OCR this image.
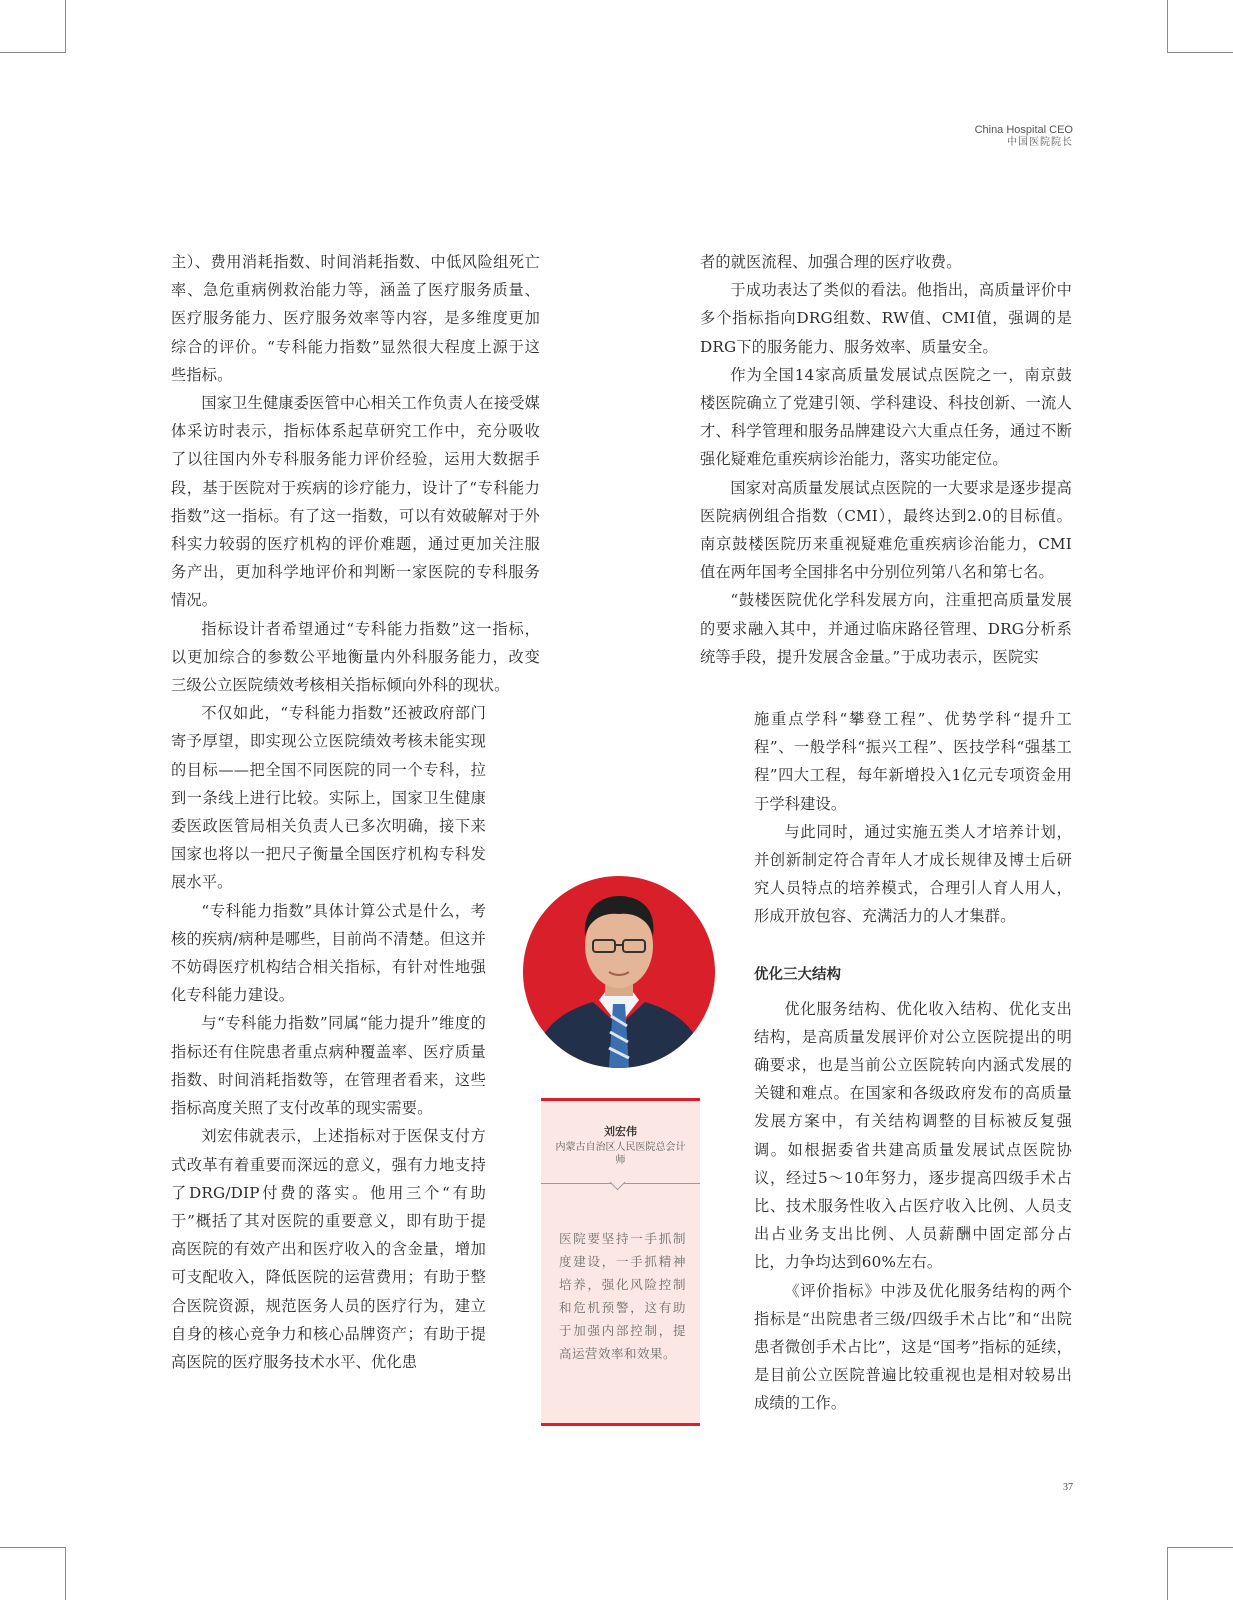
China Hospital CEO
中国医院院长

主）、费用消耗指数、时间消耗指数、中低风险组死亡率、急危重病例救治能力等，涵盖了医疗服务质量、医疗服务能力、医疗服务效率等内容，是多维度更加综合的评价。“专科能力指数”显然很大程度上源于这些指标。

国家卫生健康委医管中心相关工作负责人在接受媒体采访时表示，指标体系起草研究工作中，充分吸收了以往国内外专科服务能力评价经验，运用大数据手段，基于医院对于疾病的诊疗能力，设计了“专科能力指数”这一指标。有了这一指数，可以有效破解对于外科实力较弱的医疗机构的评价难题，通过更加关注服务产出，更加科学地评价和判断一家医院的专科服务情况。

指标设计者希望通过“专科能力指数”这一指标，以更加综合的参数公平地衡量内外科服务能力，改变三级公立医院绩效考核相关指标倾向外科的现状。

不仅如此，“专科能力指数”还被政府部门寄予厚望，即实现公立医院绩效考核未能实现的目标——把全国不同医院的同一个专科，拉到一条线上进行比较。实际上，国家卫生健康委医政医管局相关负责人已多次明确，接下来国家也将以一把尺子衡量全国医疗机构专科发展水平。

“专科能力指数”具体计算公式是什么，考核的疾病/病种是哪些，目前尚不清楚。但这并不妨碍医疗机构结合相关指标，有针对性地强化专科能力建设。

与“专科能力指数”同属“能力提升”维度的指标还有住院患者重点病种覆盖率、医疗质量指数、时间消耗指数等，在管理者看来，这些指标高度关照了支付改革的现实需要。

刘宏伟就表示，上述指标对于医保支付方式改革有着重要而深远的意义，强有力地支持了DRG/DIP付费的落实。他用三个“有助于”概括了其对医院的重要意义，即有助于提高医院的有效产出和医疗收入的含金量，增加可支配收入，降低医院的运营费用；有助于整合医院资源，规范医务人员的医疗行为，建立自身的核心竞争力和核心品牌资产；有助于提高医院的医疗服务技术水平、优化患

者的就医流程、加强合理的医疗收费。

于成功表达了类似的看法。他指出，高质量评价中多个指标指向DRG组数、RW值、CMI值，强调的是DRG下的服务能力、服务效率、质量安全。

作为全国14家高质量发展试点医院之一，南京鼓楼医院确立了党建引领、学科建设、科技创新、一流人才、科学管理和服务品牌建设六大重点任务，通过不断强化疑难危重疾病诊治能力，落实功能定位。

国家对高质量发展试点医院的一大要求是逐步提高医院病例组合指数（CMI），最终达到2.0的目标值。南京鼓楼医院历来重视疑难危重疾病诊治能力，CMI值在两年国考全国排名中分别位列第八名和第七名。

“鼓楼医院优化学科发展方向，注重把高质量发展的要求融入其中，并通过临床路径管理、DRG分析系统等手段，提升发展含金量。”于成功表示，医院实

施重点学科“攀登工程”、优势学科“提升工程”、一般学科“振兴工程”、医技学科“强基工程”四大工程，每年新增投入1亿元专项资金用于学科建设。

与此同时，通过实施五类人才培养计划，并创新制定符合青年人才成长规律及博士后研究人员特点的培养模式，合理引人育人用人，形成开放包容、充满活力的人才集群。

优化三大结构

优化服务结构、优化收入结构、优化支出结构，是高质量发展评价对公立医院提出的明确要求，也是当前公立医院转向内涵式发展的关键和难点。在国家和各级政府发布的高质量发展方案中，有关结构调整的目标被反复强调。如根据委省共建高质量发展试点医院协议，经过5～10年努力，逐步提高四级手术占比、技术服务性收入占医疗收入比例、人员支出占业务支出比例、人员薪酬中固定部分占比，力争均达到60%左右。

《评价指标》中涉及优化服务结构的两个指标是“出院患者三级/四级手术占比”和“出院患者微创手术占比”，这是“国考”指标的延续，是目前公立医院普遍比较重视也是相对较易出成绩的工作。

刘宏伟
内蒙古自治区人民医院总会计师
医院要坚持一手抓制度建设，一手抓精神培养，强化风险控制和危机预警，这有助于加强内部控制，提高运营效率和效果。
37
